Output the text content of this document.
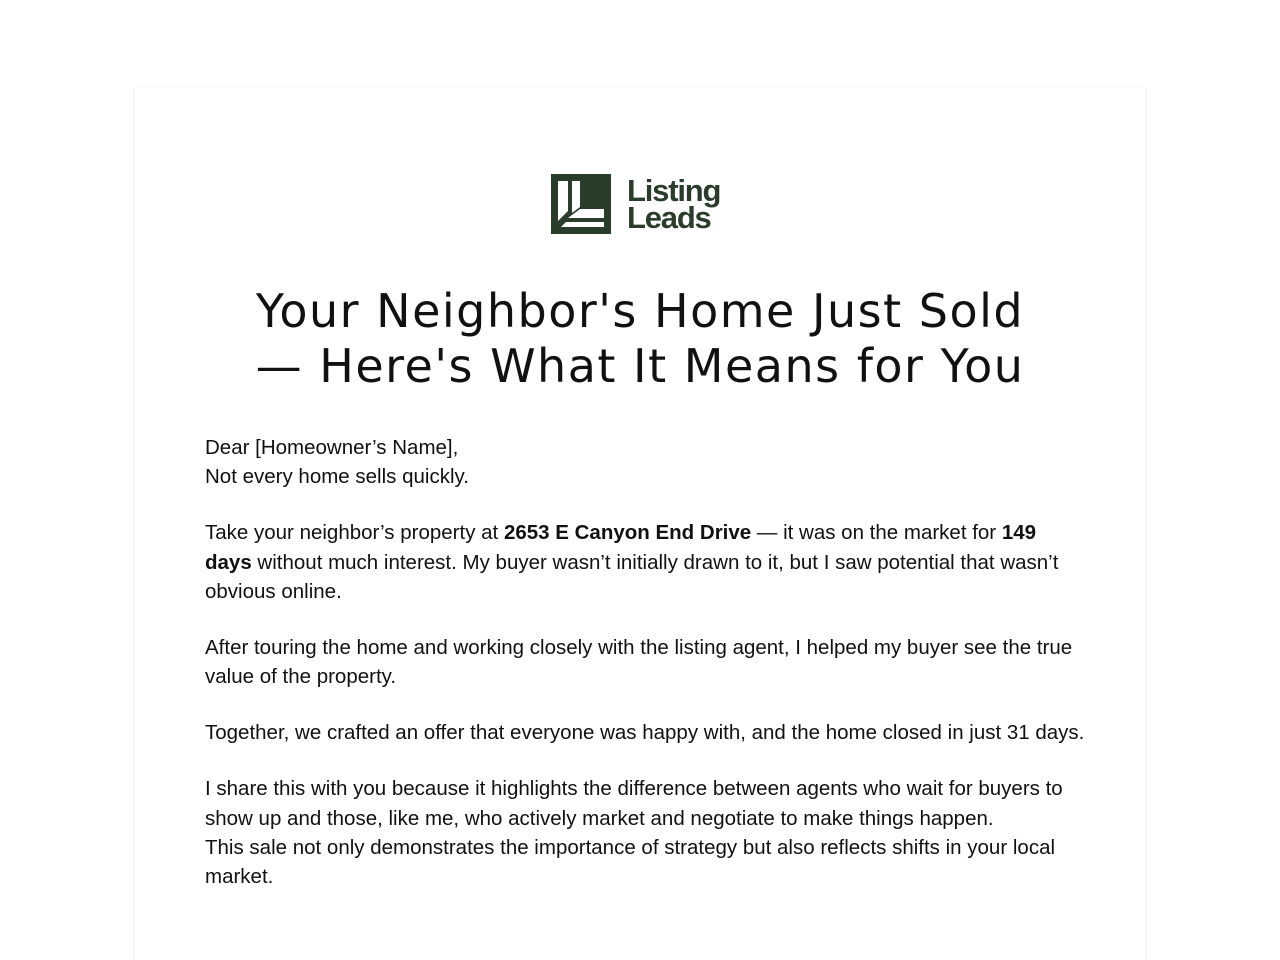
Listing
Leads
Your Neighbor's Home Just Sold
— Here's What It Means for You

Dear [Homeowner’s Name],

Not every home sells quickly.

Take your neighbor’s property at 2653 E Canyon End Drive — it was on the market for 149 days without much interest. My buyer wasn’t initially drawn to it, but I saw potential that wasn’t obvious online.

After touring the home and working closely with the listing agent, I helped my buyer see the true value of the property.

Together, we crafted an offer that everyone was happy with, and the home closed in just 31 days.

I share this with you because it highlights the difference between agents who wait for buyers to show up and those, like me, who actively market and negotiate to make things happen.

This sale not only demonstrates the importance of strategy but also reflects shifts in your local market.
